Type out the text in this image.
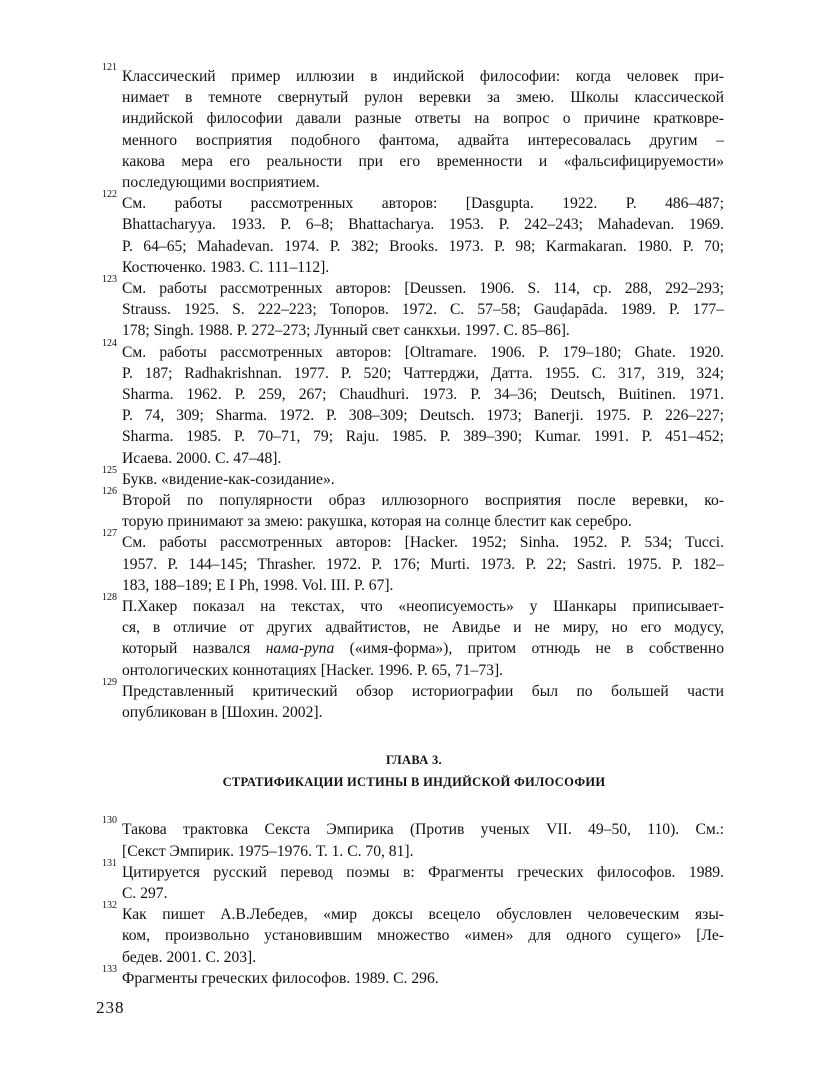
121
Классический пример иллюзии в индийской философии: когда человек при-
нимает в темноте свернутый рулон веревки за змею. Школы классической
индийской философии давали разные ответы на вопрос о причине кратковре-
менного восприятия подобного фантома, адвайта интересовалась другим –
какова мера его реальности при его временности и «фальсифицируемости»
последующими восприятием.
122
См. работы рассмотренных авторов: [Dasgupta. 1922. P. 486–487;
Bhattacharyya. 1933. P. 6–8; Bhattacharya. 1953. P. 242–243; Mahadevan. 1969.
P. 64–65; Mahadevan. 1974. P. 382; Brooks. 1973. P. 98; Karmakaran. 1980. P. 70;
Костюченко. 1983. С. 111–112].
123
См. работы рассмотренных авторов: [Deussen. 1906. S. 114, ср. 288, 292–293;
Strauss. 1925. S. 222–223; Топоров. 1972. С. 57–58; Gauḍapāda. 1989. P. 177–
178; Singh. 1988. P. 272–273; Лунный свет санкхьи. 1997. С. 85–86].
124
См. работы рассмотренных авторов: [Oltramare. 1906. P. 179–180; Ghate. 1920.
P. 187; Radhakrishnan. 1977. P. 520; Чаттерджи, Датта. 1955. С. 317, 319, 324;
Sharma. 1962. P. 259, 267; Chaudhuri. 1973. P. 34–36; Deutsch, Buitinen. 1971.
P. 74, 309; Sharma. 1972. P. 308–309; Deutsch. 1973; Banerji. 1975. P. 226–227;
Sharma. 1985. P. 70–71, 79; Raju. 1985. P. 389–390; Kumar. 1991. P. 451–452;
Исаева. 2000. С. 47–48].
125
Букв. «видение-как-созидание».
126
Второй по популярности образ иллюзорного восприятия после веревки, ко-
торую принимают за змею: ракушка, которая на солнце блестит как серебро.
127
См. работы рассмотренных авторов: [Hacker. 1952; Sinha. 1952. P. 534; Tucci.
1957. P. 144–145; Thrasher. 1972. P. 176; Murti. 1973. P. 22; Sastri. 1975. P. 182–
183, 188–189; E I Ph, 1998. Vol. III. P. 67].
128
П.Хакер показал на текстах, что «неописуемость» у Шанкары приписывает-
ся, в отличие от других адвайтистов, не Авидье и не миру, но его модусу,
который назвался нама-рупа («имя-форма»), притом отнюдь не в собственно
онтологических коннотациях [Hacker. 1996. P. 65, 71–73].
129
Представленный критический обзор историографии был по большей части
опубликован в [Шохин. 2002].
ГЛАВА 3.
СТРАТИФИКАЦИИ ИСТИНЫ В ИНДИЙСКОЙ ФИЛОСОФИИ
130
Такова трактовка Секста Эмпирика (Против ученых VII. 49–50, 110). См.:
[Секст Эмпирик. 1975–1976. Т. 1. С. 70, 81].
131
Цитируется русский перевод поэмы в: Фрагменты греческих философов. 1989.
С. 297.
132
Как пишет А.В.Лебедев, «мир доксы всецело обусловлен человеческим язы-
ком, произвольно установившим множество «имен» для одного сущего» [Ле-
бедев. 2001. С. 203].
133
Фрагменты греческих философов. 1989. С. 296.
238
